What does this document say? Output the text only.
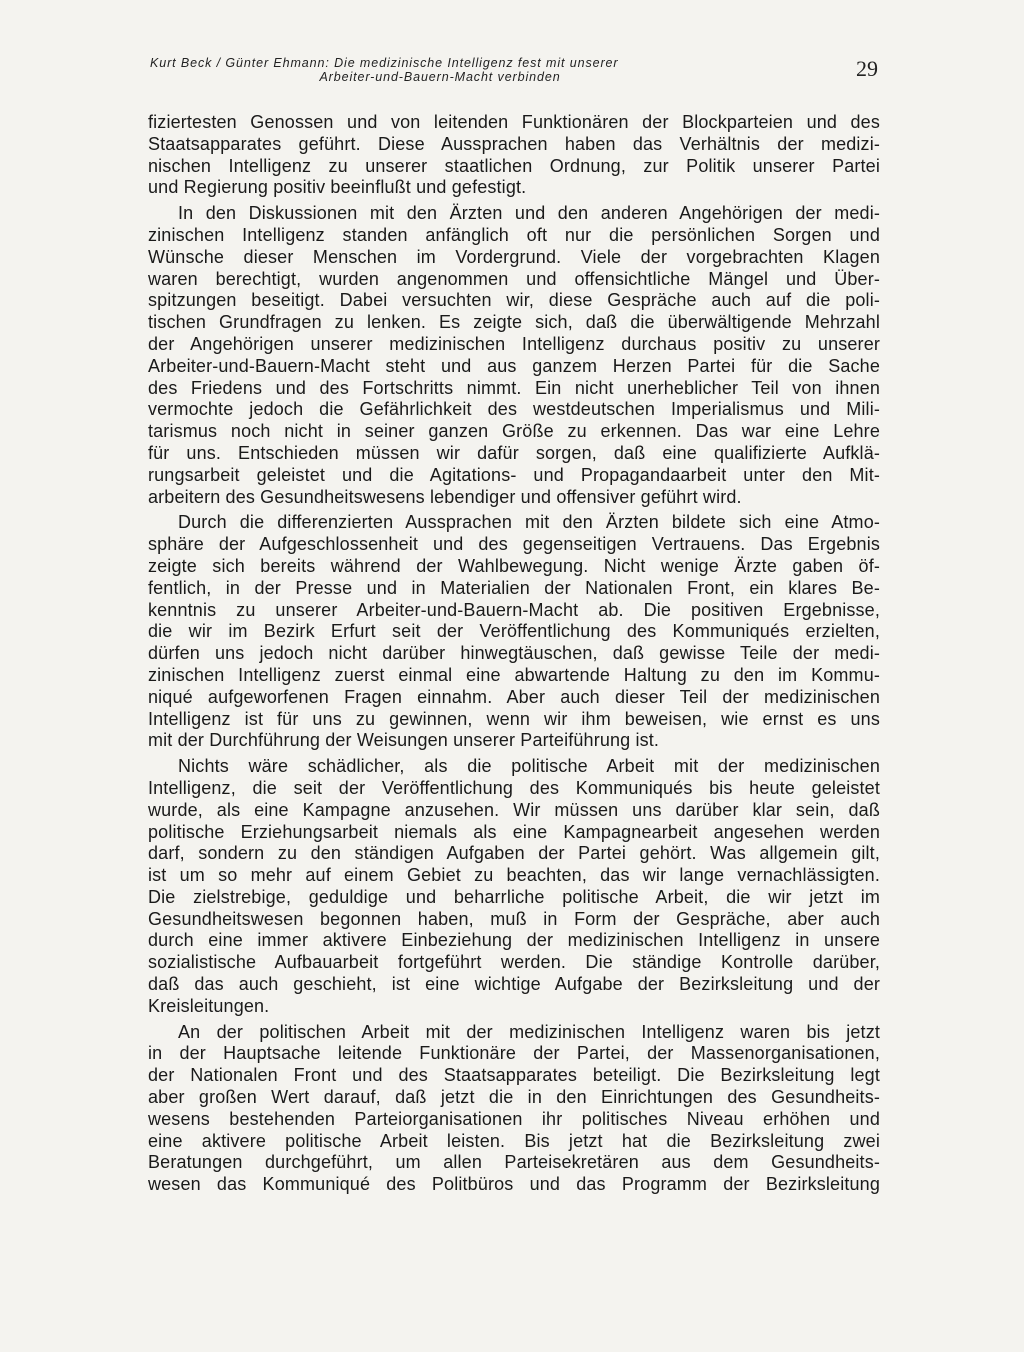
Kurt Beck / Günter Ehmann: Die medizinische Intelligenz fest mit unserer
Arbeiter-und-Bauern-Macht verbinden	29
fiziertesten Genossen und von leitenden Funktionären der Blockparteien und des
Staatsapparates geführt. Diese Aussprachen haben das Verhältnis der medizi-
nischen Intelligenz zu unserer staatlichen Ordnung, zur Politik unserer Partei
und Regierung positiv beeinflußt und gefestigt.
In den Diskussionen mit den Ärzten und den anderen Angehörigen der medi-
zinischen Intelligenz standen anfänglich oft nur die persönlichen Sorgen und
Wünsche dieser Menschen im Vordergrund. Viele der vorgebrachten Klagen
waren berechtigt, wurden angenommen und offensichtliche Mängel und Über-
spitzungen beseitigt. Dabei versuchten wir, diese Gespräche auch auf die poli-
tischen Grundfragen zu lenken. Es zeigte sich, daß die überwältigende Mehrzahl
der Angehörigen unserer medizinischen Intelligenz durchaus positiv zu unserer
Arbeiter-und-Bauern-Macht steht und aus ganzem Herzen Partei für die Sache
des Friedens und des Fortschritts nimmt. Ein nicht unerheblicher Teil von ihnen
vermochte jedoch die Gefährlichkeit des westdeutschen Imperialismus und Mili-
tarismus noch nicht in seiner ganzen Größe zu erkennen. Das war eine Lehre
für uns. Entschieden müssen wir dafür sorgen, daß eine qualifizierte Aufklä-
rungsarbeit geleistet und die Agitations- und Propagandaarbeit unter den Mit-
arbeitern des Gesundheitswesens lebendiger und offensiver geführt wird.
Durch die differenzierten Aussprachen mit den Ärzten bildete sich eine Atmo-
sphäre der Aufgeschlossenheit und des gegenseitigen Vertrauens. Das Ergebnis
zeigte sich bereits während der Wahlbewegung. Nicht wenige Ärzte gaben öf-
fentlich, in der Presse und in Materialien der Nationalen Front, ein klares Be-
kenntnis zu unserer Arbeiter-und-Bauern-Macht ab. Die positiven Ergebnisse,
die wir im Bezirk Erfurt seit der Veröffentlichung des Kommuniqués erzielten,
dürfen uns jedoch nicht darüber hinwegtäuschen, daß gewisse Teile der medi-
zinischen Intelligenz zuerst einmal eine abwartende Haltung zu den im Kommu-
niqué aufgeworfenen Fragen einnahm. Aber auch dieser Teil der medizinischen
Intelligenz ist für uns zu gewinnen, wenn wir ihm beweisen, wie ernst es uns
mit der Durchführung der Weisungen unserer Parteiführung ist.
Nichts wäre schädlicher, als die politische Arbeit mit der medizinischen
Intelligenz, die seit der Veröffentlichung des Kommuniqués bis heute geleistet
wurde, als eine Kampagne anzusehen. Wir müssen uns darüber klar sein, daß
politische Erziehungsarbeit niemals als eine Kampagnearbeit angesehen werden
darf, sondern zu den ständigen Aufgaben der Partei gehört. Was allgemein gilt,
ist um so mehr auf einem Gebiet zu beachten, das wir lange vernachlässigten.
Die zielstrebige, geduldige und beharrliche politische Arbeit, die wir jetzt im
Gesundheitswesen begonnen haben, muß in Form der Gespräche, aber auch
durch eine immer aktivere Einbeziehung der medizinischen Intelligenz in unsere
sozialistische Aufbauarbeit fortgeführt werden. Die ständige Kontrolle darüber,
daß das auch geschieht, ist eine wichtige Aufgabe der Bezirksleitung und der
Kreisleitungen.
An der politischen Arbeit mit der medizinischen Intelligenz waren bis jetzt
in der Hauptsache leitende Funktionäre der Partei, der Massenorganisationen,
der Nationalen Front und des Staatsapparates beteiligt. Die Bezirksleitung legt
aber großen Wert darauf, daß jetzt die in den Einrichtungen des Gesundheits-
wesens bestehenden Parteiorganisationen ihr politisches Niveau erhöhen und
eine aktivere politische Arbeit leisten. Bis jetzt hat die Bezirksleitung zwei
Beratungen durchgeführt, um allen Parteisekretären aus dem Gesundheits-
wesen das Kommuniqué des Politbüros und das Programm der Bezirksleitung
